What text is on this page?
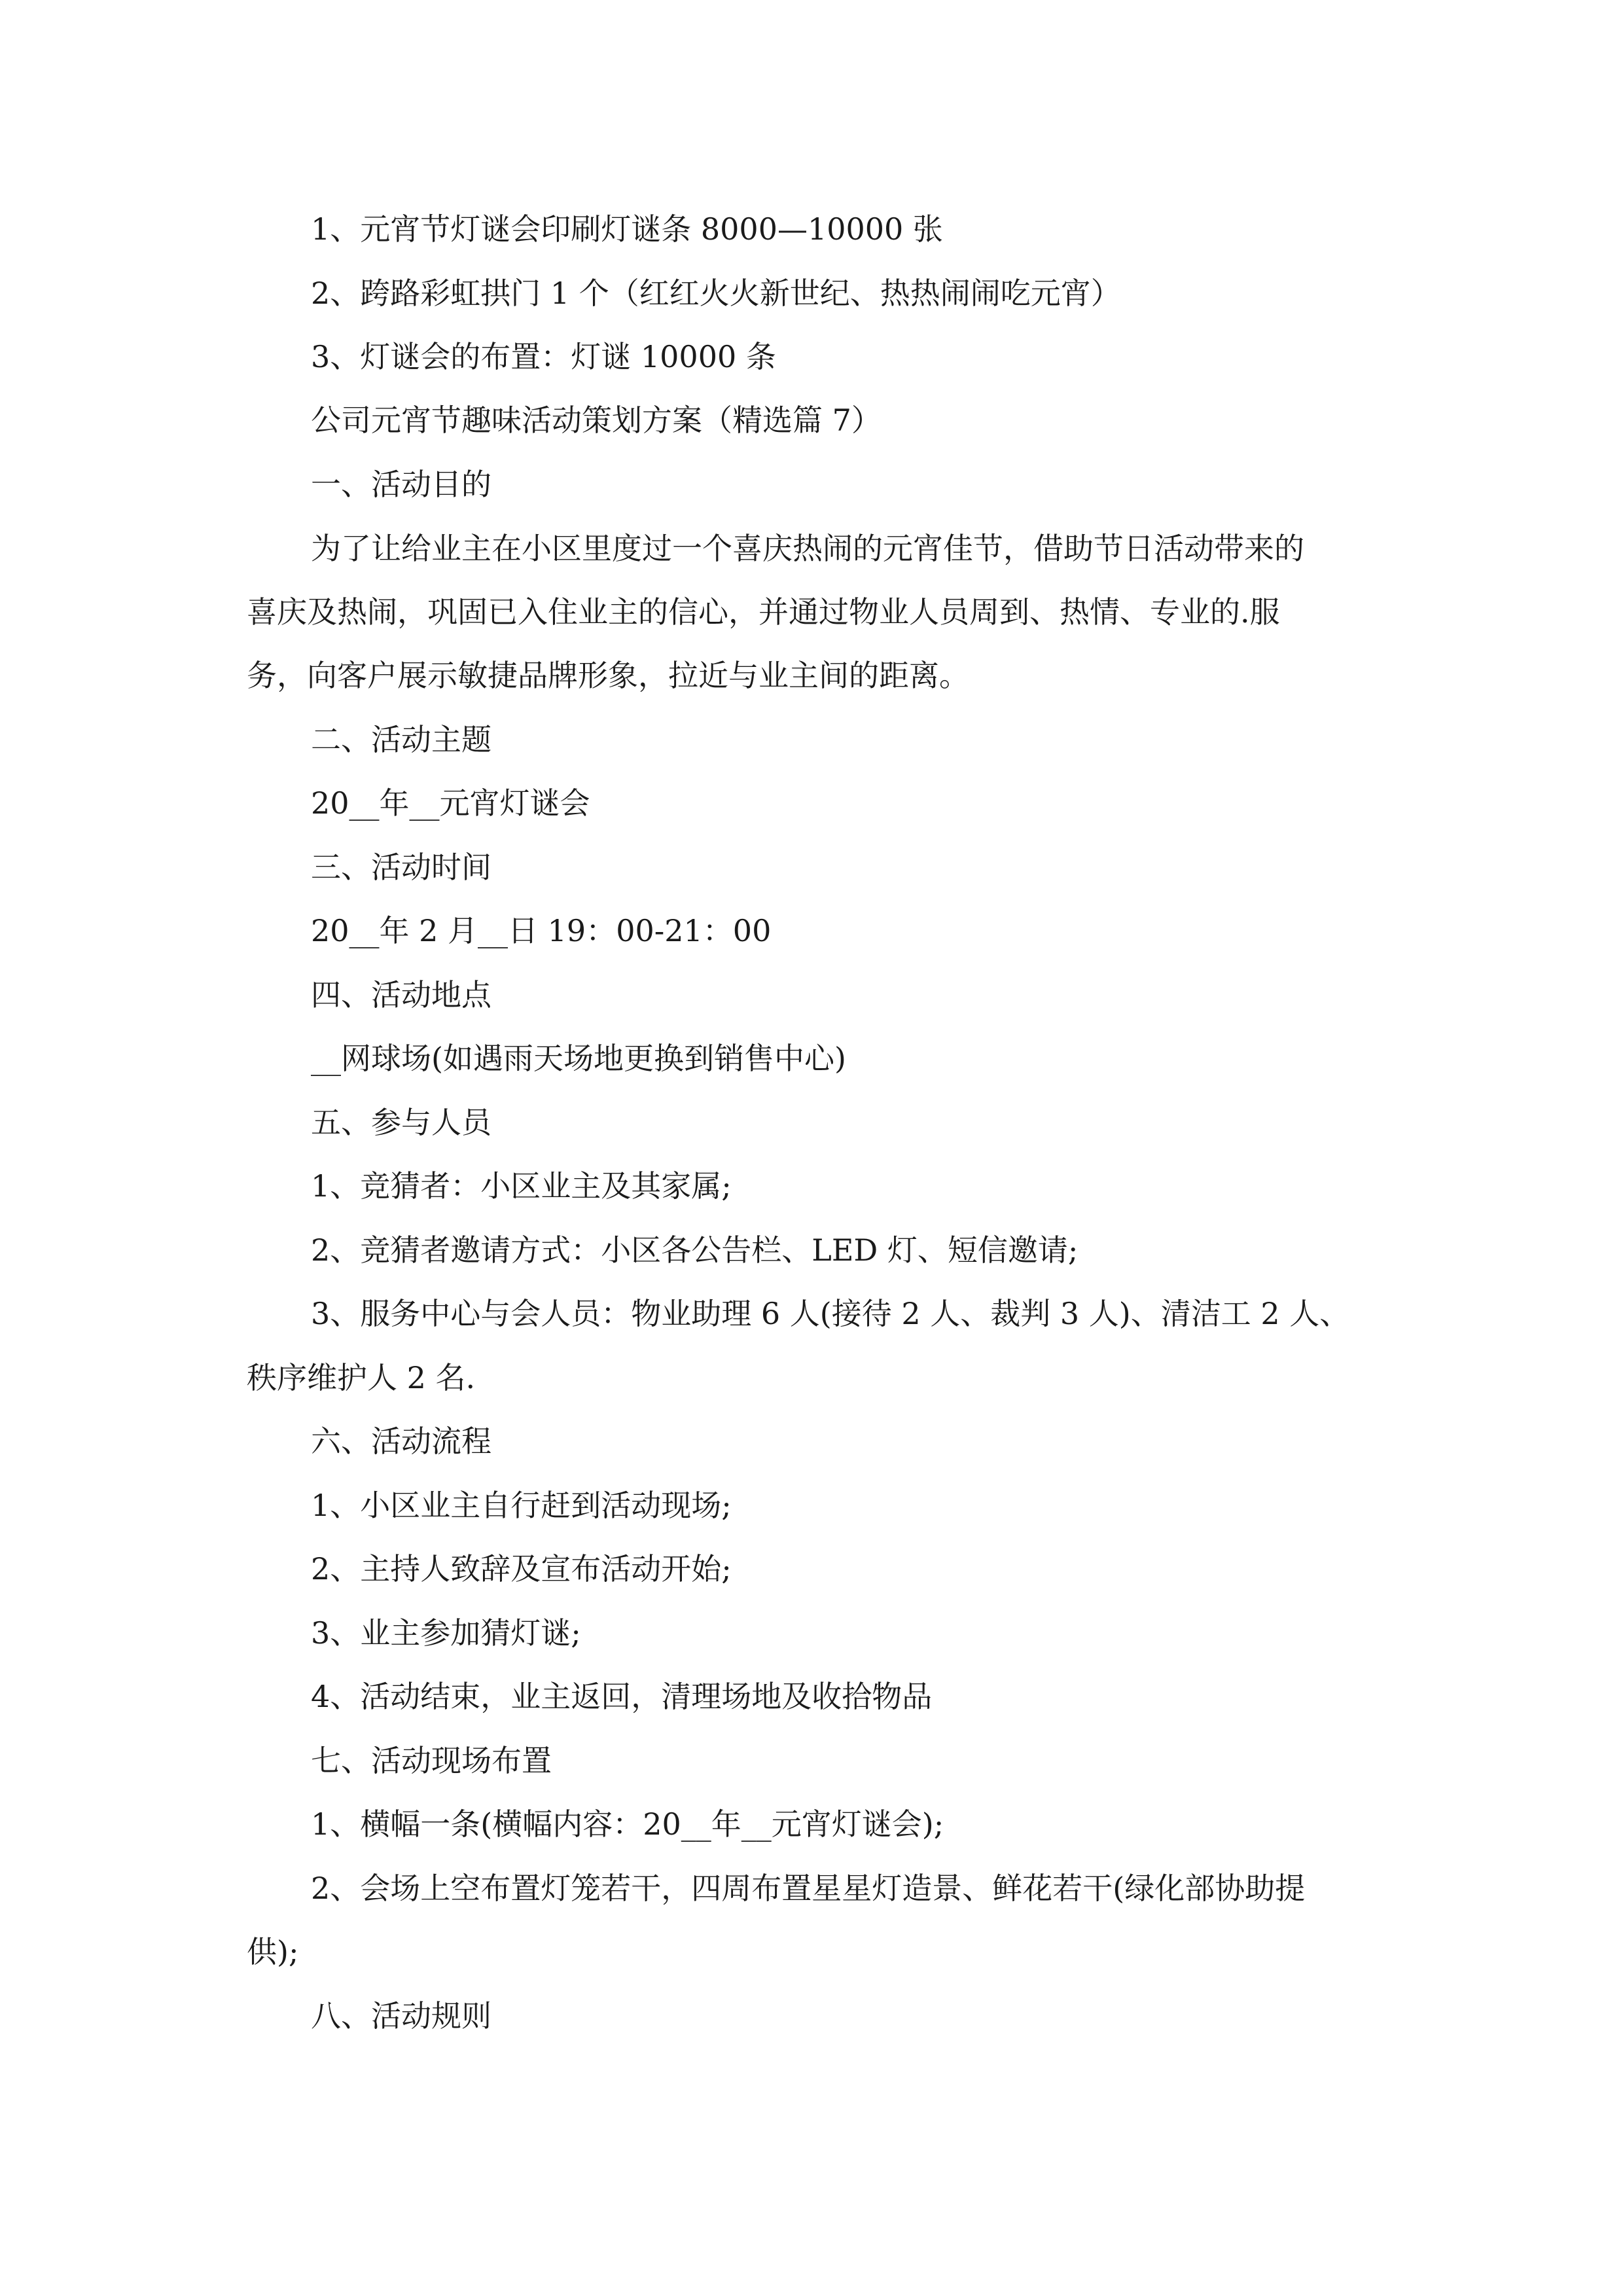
1、元宵节灯谜会印刷灯谜条 8000—10000 张
2、跨路彩虹拱门 1 个（红红火火新世纪、热热闹闹吃元宵）
3、灯谜会的布置：灯谜 10000 条
公司元宵节趣味活动策划方案（精选篇 7）
一、活动目的
为了让给业主在小区里度过一个喜庆热闹的元宵佳节，借助节日活动带来的
喜庆及热闹，巩固已入住业主的信心，并通过物业人员周到、热情、专业的.服
务，向客户展示敏捷品牌形象，拉近与业主间的距离。
二、活动主题
20__年__元宵灯谜会
三、活动时间
20__年 2 月__日 19：00-21：00
四、活动地点
__网球场(如遇雨天场地更换到销售中心)
五、参与人员
1、竞猜者：小区业主及其家属;
2、竞猜者邀请方式：小区各公告栏、LED 灯、短信邀请;
3、服务中心与会人员：物业助理 6 人(接待 2 人、裁判 3 人)、清洁工 2 人、
秩序维护人 2 名.
六、活动流程
1、小区业主自行赶到活动现场;
2、主持人致辞及宣布活动开始;
3、业主参加猜灯谜;
4、活动结束，业主返回，清理场地及收拾物品
七、活动现场布置
1、横幅一条(横幅内容：20__年__元宵灯谜会);
2、会场上空布置灯笼若干，四周布置星星灯造景、鲜花若干(绿化部协助提
供);
八、活动规则
